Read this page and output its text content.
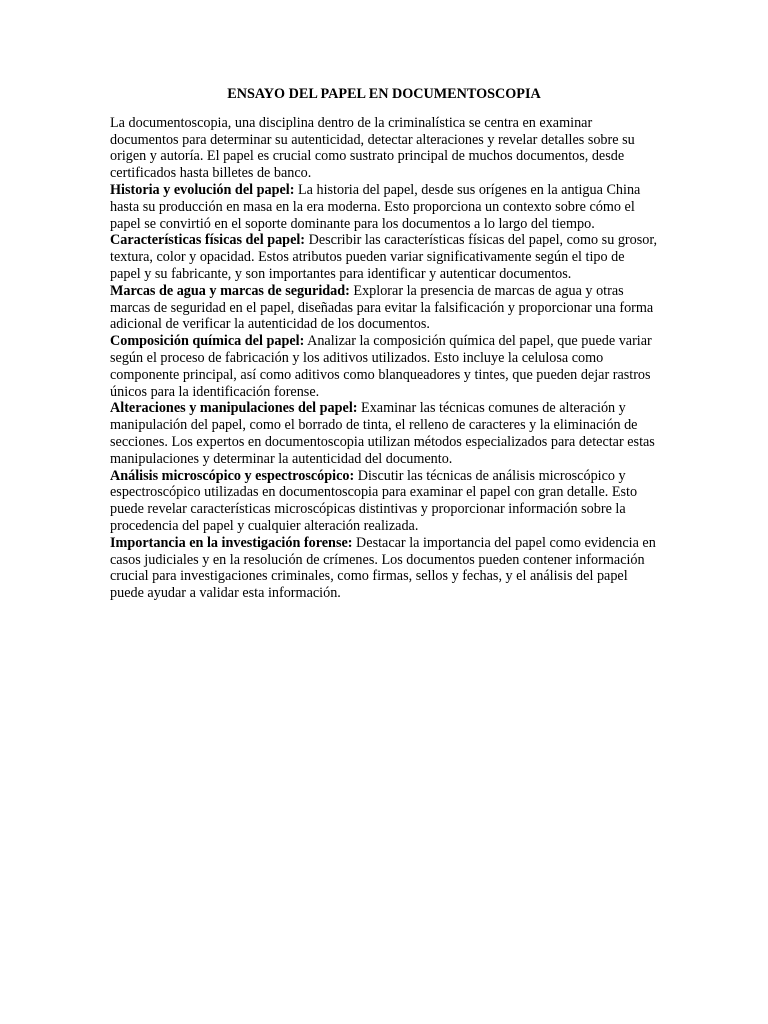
ENSAYO DEL PAPEL EN DOCUMENTOSCOPIA

La documentoscopia, una disciplina dentro de la criminalística se centra en examinar documentos para determinar su autenticidad, detectar alteraciones y revelar detalles sobre su origen y autoría. El papel es crucial como sustrato principal de muchos documentos, desde certificados hasta billetes de banco.

Historia y evolución del papel: La historia del papel, desde sus orígenes en la antigua China hasta su producción en masa en la era moderna. Esto proporciona un contexto sobre cómo el papel se convirtió en el soporte dominante para los documentos a lo largo del tiempo.

Características físicas del papel: Describir las características físicas del papel, como su grosor, textura, color y opacidad. Estos atributos pueden variar significativamente según el tipo de papel y su fabricante, y son importantes para identificar y autenticar documentos.

Marcas de agua y marcas de seguridad: Explorar la presencia de marcas de agua y otras marcas de seguridad en el papel, diseñadas para evitar la falsificación y proporcionar una forma adicional de verificar la autenticidad de los documentos.

Composición química del papel: Analizar la composición química del papel, que puede variar según el proceso de fabricación y los aditivos utilizados. Esto incluye la celulosa como componente principal, así como aditivos como blanqueadores y tintes, que pueden dejar rastros únicos para la identificación forense.

Alteraciones y manipulaciones del papel: Examinar las técnicas comunes de alteración y manipulación del papel, como el borrado de tinta, el relleno de caracteres y la eliminación de secciones. Los expertos en documentoscopia utilizan métodos especializados para detectar estas manipulaciones y determinar la autenticidad del documento.

Análisis microscópico y espectroscópico: Discutir las técnicas de análisis microscópico y espectroscópico utilizadas en documentoscopia para examinar el papel con gran detalle. Esto puede revelar características microscópicas distintivas y proporcionar información sobre la procedencia del papel y cualquier alteración realizada.

Importancia en la investigación forense: Destacar la importancia del papel como evidencia en casos judiciales y en la resolución de crímenes. Los documentos pueden contener información crucial para investigaciones criminales, como firmas, sellos y fechas, y el análisis del papel puede ayudar a validar esta información.
